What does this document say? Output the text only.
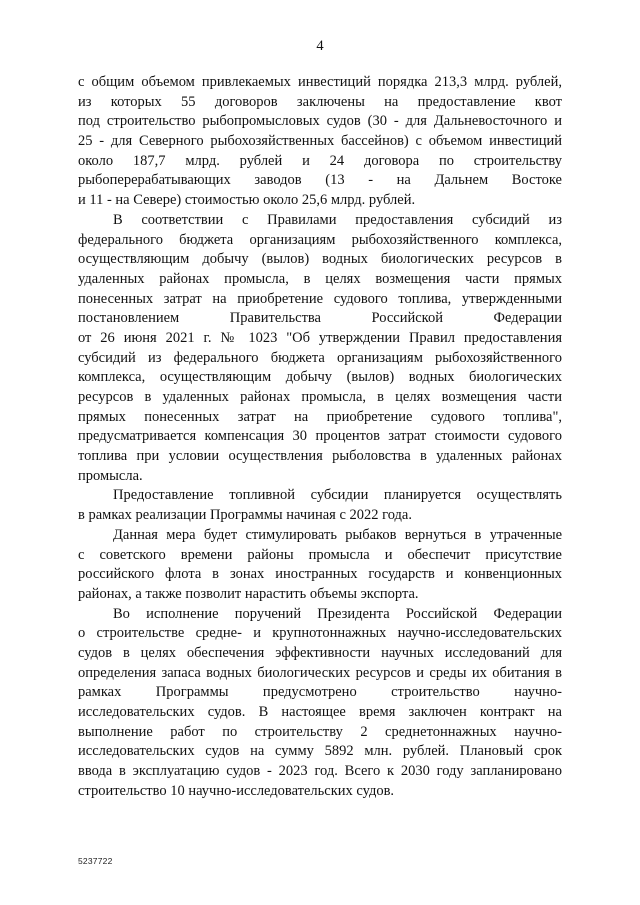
4
с общим объемом привлекаемых инвестиций порядка 213,3 млрд. рублей,
из которых 55 договоров заключены на предоставление квот
под строительство рыбопромысловых судов (30 - для Дальневосточного и
25 - для Северного рыбохозяйственных бассейнов) с объемом инвестиций
около 187,7 млрд. рублей и 24 договора по строительству
рыбоперерабатывающих заводов (13 - на Дальнем Востоке
и 11 - на Севере) стоимостью около 25,6 млрд. рублей.
В соответствии с Правилами предоставления субсидий из
федерального бюджета организациям рыбохозяйственного комплекса,
осуществляющим добычу (вылов) водных биологических ресурсов в
удаленных районах промысла, в целях возмещения части прямых
понесенных затрат на приобретение судового топлива, утвержденными
постановлением Правительства Российской Федерации
от 26 июня 2021 г. № 1023 "Об утверждении Правил предоставления
субсидий из федерального бюджета организациям рыбохозяйственного
комплекса, осуществляющим добычу (вылов) водных биологических
ресурсов в удаленных районах промысла, в целях возмещения части
прямых понесенных затрат на приобретение судового топлива",
предусматривается компенсация 30 процентов затрат стоимости судового
топлива при условии осуществления рыболовства в удаленных районах
промысла.
Предоставление топливной субсидии планируется осуществлять
в рамках реализации Программы начиная с 2022 года.
Данная мера будет стимулировать рыбаков вернуться в утраченные
с советского времени районы промысла и обеспечит присутствие
российского флота в зонах иностранных государств и конвенционных
районах, а также позволит нарастить объемы экспорта.
Во исполнение поручений Президента Российской Федерации
о строительстве средне- и крупнотоннажных научно-исследовательских
судов в целях обеспечения эффективности научных исследований для
определения запаса водных биологических ресурсов и среды их обитания в
рамках Программы предусмотрено строительство научно-
исследовательских судов. В настоящее время заключен контракт на
выполнение работ по строительству 2 среднетоннажных научно-
исследовательских судов на сумму 5892 млн. рублей. Плановый срок
ввода в эксплуатацию судов - 2023 год. Всего к 2030 году запланировано
строительство 10 научно-исследовательских судов.
5237722
